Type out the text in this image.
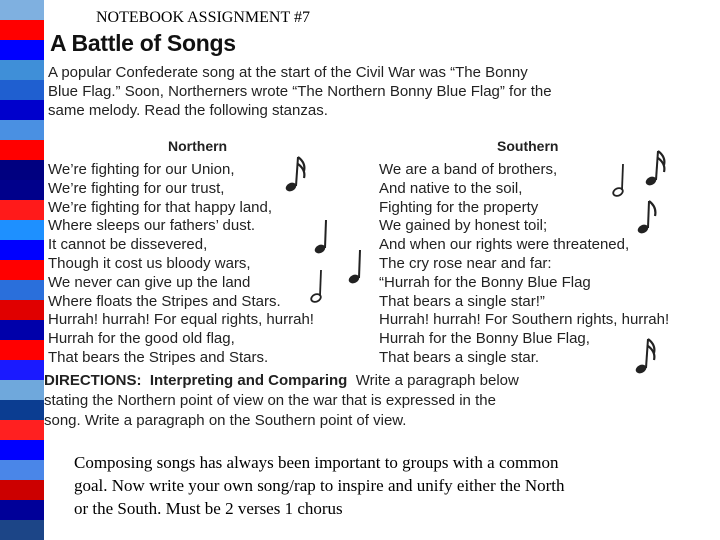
NOTEBOOK ASSIGNMENT #7
A Battle of Songs
A popular Confederate song at the start of the Civil War was “The Bonny
Blue Flag.” Soon, Northerners wrote “The Northern Bonny Blue Flag” for the
same melody. Read the following stanzas.
Northern	Southern
We’re fighting for our Union,
We’re fighting for our trust,
We’re fighting for that happy land,
Where sleeps our fathers’ dust.
It cannot be dissevered,
Though it cost us bloody wars,
We never can give up the land
Where floats the Stripes and Stars.
Hurrah! hurrah! For equal rights, hurrah!
Hurrah for the good old flag,
That bears the Stripes and Stars.
We are a band of brothers,
And native to the soil,
Fighting for the property
We gained by honest toil;
And when our rights were threatened,
The cry rose near and far:
“Hurrah for the Bonny Blue Flag
That bears a single star!”
Hurrah! hurrah! For Southern rights, hurrah!
Hurrah for the Bonny Blue Flag,
That bears a single star.
DIRECTIONS: Interpreting and Comparing Write a paragraph below
stating the Northern point of view on the war that is expressed in the
song. Write a paragraph on the Southern point of view.
Composing songs has always been important to groups with a common
goal. Now write your own song/rap to inspire and unify either the North
or the South. Must be 2 verses 1 chorus
